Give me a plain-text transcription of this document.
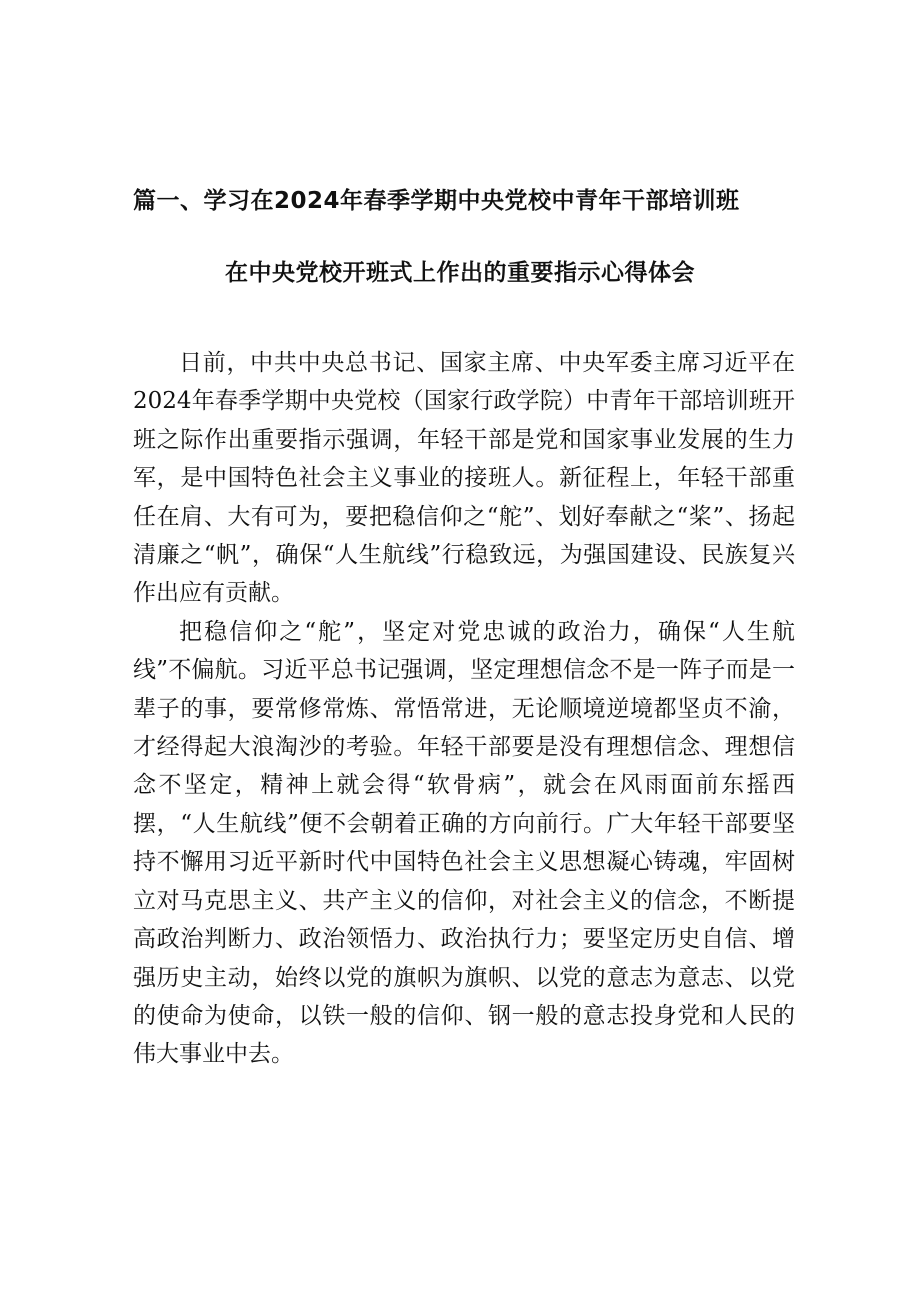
篇一、学习在2024年春季学期中央党校中青年干部培训班
在中央党校开班式上作出的重要指示心得体会

日前，中共中央总书记、国家主席、中央军委主席习近平在2024年春季学期中央党校（国家行政学院）中青年干部培训班开班之际作出重要指示强调，年轻干部是党和国家事业发展的生力军，是中国特色社会主义事业的接班人。新征程上，年轻干部重任在肩、大有可为，要把稳信仰之“舵”、划好奉献之“桨”、扬起清廉之“帆”，确保“人生航线”行稳致远，为强国建设、民族复兴作出应有贡献。

把稳信仰之“舵”，坚定对党忠诚的政治力，确保“人生航线”不偏航。习近平总书记强调，坚定理想信念不是一阵子而是一辈子的事，要常修常炼、常悟常进，无论顺境逆境都坚贞不渝，才经得起大浪淘沙的考验。年轻干部要是没有理想信念、理想信念不坚定，精神上就会得“软骨病”，就会在风雨面前东摇西摆，“人生航线”便不会朝着正确的方向前行。广大年轻干部要坚持不懈用习近平新时代中国特色社会主义思想凝心铸魂，牢固树立对马克思主义、共产主义的信仰，对社会主义的信念，不断提高政治判断力、政治领悟力、政治执行力；要坚定历史自信、增强历史主动，始终以党的旗帜为旗帜、以党的意志为意志、以党的使命为使命，以铁一般的信仰、钢一般的意志投身党和人民的伟大事业中去。
